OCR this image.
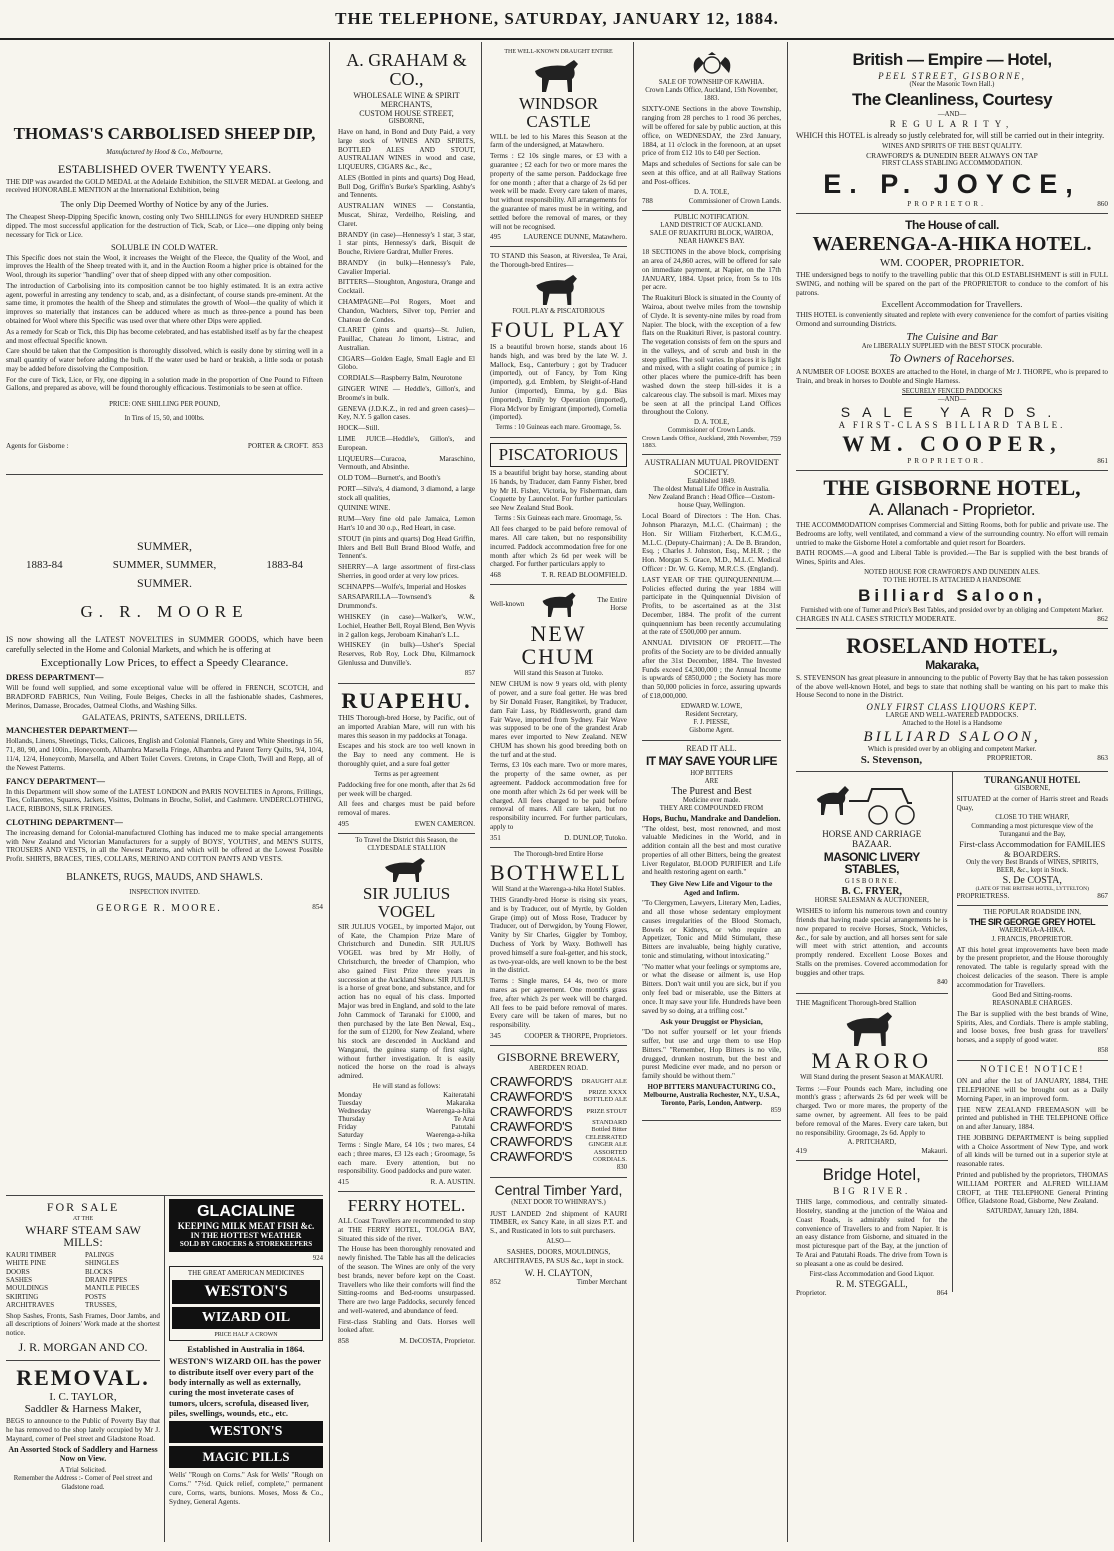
THE TELEPHONE, SATURDAY, JANUARY 12, 1884.
THOMAS'S CARBOLISED SHEEP DIP,
Manufactured by Hood & Co., Melbourne,
ESTABLISHED OVER TWENTY YEARS.

THE DIP was awarded the GOLD MEDAL at the Adelaide Exhibition, the SILVER MEDAL at Geelong, and received HONORABLE MENTION at the International Exhibition, being

The only Dip Deemed Worthy of Notice by any of the Juries.

The Cheapest Sheep-Dipping Specific known, costing only Two SHILLINGS for every HUNDRED SHEEP dipped. The most successful application for the destruction of Tick, Scab, or Lice—one dipping only being necessary for Tick or Lice.

SOLUBLE IN COLD WATER.

This Specific does not stain the Wool, it increases the Weight of the Fleece, the Quality of the Wool, and improves the Health of the Sheep treated with it, and in the Auction Room a higher price is obtained for the Wool, through its superior "handling" over that of sheep dipped with any other composition.

The introduction of Carbolising into its composition cannot be too highly estimated. It is an extra active agent, powerful in arresting any tendency to scab, and, as a disinfectant, of course stands pre-eminent. At the same time, it promotes the health of the Sheep and stimulates the growth of Wool—the quality of which it improves so materially that instances can be adduced where as much as three-pence a pound has been obtained for Wool where this Specific was used over that where other Dips were applied.

As a remedy for Scab or Tick, this Dip has become celebrated, and has established itself as by far the cheapest and most effectual Specific known.

Care should be taken that the Composition is thoroughly dissolved, which is easily done by stirring well in a small quantity of water before adding the bulk. If the water used be hard or brakish, a little soda or potash may be added before dissolving the Composition.

For the cure of Tick, Lice, or Fly, one dipping in a solution made in the proportion of One Pound to Fifteen Gallons, and prepared as above, will be found thoroughly efficacious. Testimonials to be seen at office.

PRICE: ONE SHILLING PER POUND,
In Tins of 15, 50, and 100lbs.
Agents for Gisborne :	PORTER & CROFT. 853
SUMMER,
1883-84	SUMMER, SUMMER,	1883-84
SUMMER.
G. R. MOORE

IS now showing all the LATEST NOVELTIES in SUMMER GOODS, which have been carefully selected in the Home and Colonial Markets, and which he is offering at

Exceptionally Low Prices, to effect a Speedy Clearance.
DRESS DEPARTMENT—

Will be found well supplied, and some exceptional value will be offered in FRENCH, SCOTCH, and BRADFORD FABRICS, Nun Veiling, Foule Beiges, Checks in all the fashionable shades, Cashmeres, Merinos, Damasse, Brocades, Oatmeal Cloths, and Washing Silks.

GALATEAS, PRINTS, SATEENS, DRILLETS.
MANCHESTER DEPARTMENT—

Hollands, Linens, Sheetings, Ticks, Calicoes, English and Colonial Flannels, Grey and White Sheetings in 56, 71, 80, 90, and 100in., Honeycomb, Alhambra Marsella Fringe, Alhambra and Patent Terry Quilts, 9/4, 10/4, 11/4, 12/4, Honeycomb, Marsella, and Albert Toilet Covers. Cretons, in Crape Cloth, Twill and Repp, all of the Newest Patterns.

FANCY DEPARTMENT—

In this Department will show some of the LATEST LONDON and PARIS NOVELTIES in Aprons, Frillings, Ties, Collarettes, Squares, Jackets, Visittes, Dolmans in Broche, Soliel, and Cashmere. UNDERCLOTHING, LACE, RIBBONS, SILK FRINGES.

CLOTHING DEPARTMENT—

The increasing demand for Colonial-manufactured Clothing has induced me to make special arrangements with New Zealand and Victorian Manufacturers for a supply of BOYS', YOUTHS', and MEN'S SUITS, TROUSERS AND VESTS, in all the Newest Patterns, and which will be offered at the Lowest Possible Profit. SHIRTS, BRACES, TIES, COLLARS, MERINO AND COTTON PANTS AND VESTS.

BLANKETS, RUGS, MAUDS, AND SHAWLS.
INSPECTION INVITED.
GEORGE R. MOORE.	854
FOR SALE
AT THE
WHARF STEAM SAW MILLS:
KAURI TIMBER
WHITE PINE
DOORS
SASHES
MOULDINGS
SKIRTING
ARCHITRAVES
PALINGS
SHINGLES
BLOCKS
DRAIN PIPES
MANTLE PIECES
POSTS
TRUSSES,

Shop Sashes, Fronts, Sash Frames, Door Jambs, and all descriptions of Joiners' Work made at the shortest notice.

J. R. MORGAN AND CO.
REMOVAL.
I. C. TAYLOR,
Saddler & Harness Maker,

BEGS to announce to the Public of Poverty Bay that he has removed to the shop lately occupied by Mr J. Maynard, corner of Peel street and Gladstone Road.

An Assorted Stock of Saddlery and Harness Now on View.
A Trial Solicited.
Remember the Address :- Corner of Peel street and Gladstone road.
GLACIALINE
KEEPING MILK MEAT FISH &c.
IN THE HOTTEST WEATHER
SOLD BY GROCERS & STOREKEEPERS
924
THE GREAT AMERICAN MEDICINES
WESTON'S
WIZARD OIL
PRICE HALF A CROWN
Established in Australia in 1864.

WESTON'S WIZARD OIL has the power to distribute itself over every part of the body internally as well as externally, curing the most inveterate cases of tumors, ulcers, scrofula, diseased liver, piles, swellings, wounds, etc., etc.

WESTON'S
MAGIC PILLS

Wells' "Rough on Corns." Ask for Wells' "Rough on Corns." "7½d. Quick relief, complete," permanent cure, Corns, warts, bunions. Moses, Moss & Co., Sydney, General Agents.

A. GRAHAM & CO.,
WHOLESALE WINE & SPIRIT
MERCHANTS,
CUSTOM HOUSE STREET,
GISBORNE,

Have on hand, in Bond and Duty Paid, a very large stock of WINES AND SPIRITS, BOTTLED ALES AND STOUT, AUSTRALIAN WINES in wood and case, LIQUEURS, CIGARS &c., &c.,

ALES (Bottled in pints and quarts) Dog Head, Bull Dog, Griffin's Burke's Sparkling, Ashby's and Tennents.

AUSTRALIAN WINES — Constantia, Muscat, Shiraz, Verdeilho, Reisling, and Claret.

BRANDY (in case)—Hennessy's 1 star, 3 star, 1 star pints, Hennessy's dark, Bisquit de Bouche, Riviere Gardrat, Muller Freres.

BRANDY (in bulk)—Hennessy's Pale, Cavalier Imperial.

BITTERS—Stoughton, Angostura, Orange and Cocktail.

CHAMPAGNE—Pol Rogers, Moet and Chandon, Wachters, Silver top, Perrier and Chateau de Condes.

CLARET (pints and quarts)—St. Julien, Pauillac, Chateau Jo limont, Listrac, and Australian.

CIGARS—Golden Eagle, Small Eagle and El Globo.

CORDIALS—Raspberry Balm, Neurotone

GINGER WINE — Heddle's, Gillon's, and Broome's in bulk.

GENEVA (J.D.K.Z., in red and green cases)—Key, N.Y. 5 gallon cases.

HOCK—Still.

LIME JUICE—Heddle's, Gillon's, and European.

LIQUEURS—Curacoa, Maraschino, Vermouth, and Absinthe.

OLD TOM—Burnett's, and Booth's

PORT—Silva's, 4 diamond, 3 diamond, a large stock all qualities,

QUININE WINE.

RUM—Very fine old pale Jamaica, Lemon Hart's 10 and 30 o.p., Red Heart, in case.

STOUT (in pints and quarts) Dog Head Griffin, Ihlers and Bell Bull Brand Blood Wolfe, and Tennent's.

SHERRY—A large assortment of first-class Sherries, in good order at very low prices.

SCHNAPPS—Wolfe's, Imperial and Hoskes

SARSAPARILLA—Townsend's & Drummond's.

WHISKEY (in case)—Walker's, W.W., Lochiel, Heather Bell, Royal Blend, Ben Wyvis in 2 gallon kegs, Jeroboam Kinahan's L.L.

WHISKEY (in bulk)—Usher's Special Reserves, Rob Roy, Lock Dhu, Kilmarnock Glenlussa and Dunville's.

857
RUAPEHU.

THIS Thorough-bred Horse, by Pacific, out of an imported Arabian Mare, will run with his mares this season in my paddocks at Tonaga.

Escapes and his stock are too well known in the Bay to need any comment. He is thoroughly quiet, and a sure foal getter

Terms as per agreement

Paddocking free for one month, after that 2s 6d per week will be charged.

All fees and charges must be paid before removal of mares.

495	EWEN CAMERON.
To Travel the District this Season, the CLYDESDALE STALLION
SIR JULIUS VOGEL

SIR JULIUS VOGEL, by imported Major, out of Kate, the Champion Prize Mare of Christchurch and Dunedin. SIR JULIUS VOGEL was bred by Mr Holly, of Christchurch, the breeder of Champion, who also gained First Prize three years in succession at the Auckland Show. SIR JULIUS is a horse of great bone, and substance, and for action has no equal of his class. Imported Major was bred in England, and sold to the late John Cammock of Taranaki for £1000, and then purchased by the late Ben Newal, Esq., for the sum of £1200, for New Zealand, where his stock are descended in Auckland and Wanganui, the guinea stamp of first sight, without further investigation. It is easily noticed the horse on the road is always admired.

He will stand as follows:
Monday	Kaiteratahi
Tuesday	Makaraka
Wednesday	Waerenga-a-hika
Thursday	Te Arai
Friday	Patutahi
Saturday	Waerenga-a-hika

Terms : Single Mare, £4 10s ; two mares, £4 each ; three mares, £3 12s each ; Groomage, 5s each mare. Every attention, but no responsibility. Good paddocks and pure water.

415	R. A. AUSTIN.
FERRY HOTEL.

ALL Coast Travellers are recommended to stop at THE FERRY HOTEL, TOLOGA BAY, Situated this side of the river.

The House has been thoroughly renovated and newly finished. The Table has all the delicacies of the season. The Wines are only of the very best brands, never before kept on the Coast. Travellers who like their comforts will find the Sitting-rooms and Bed-rooms unsurpassed. There are two large Paddocks, securely fenced and well-watered, and abundance of feed.

First-class Stabling and Oats. Horses well looked after.

858	M. DeCOSTA, Proprietor.
THE WELL-KNOWN DRAUGHT ENTIRE
WINDSOR CASTLE

WILL be led to his Mares this Season at the farm of the undersigned, at Matawhero.

Terms : £2 10s single mares, or £3 with a guarantee ; £2 each for two or more mares the property of the same person. Paddockage free for one month ; after that a charge of 2s 6d per week will be made. Every care taken of mares, but without responsibility. All arrangements for the guarantee of mares must be in writing, and settled before the removal of mares, or they will not be recognised.

495	LAURENCE DUNNE, Matawhero.

TO STAND this Season, at Riverslea, Te Arai, the Thorough-bred Entires—

FOUL PLAY & PISCATORIOUS
FOUL PLAY

IS a beautiful brown horse, stands about 16 hands high, and was bred by the late W. J. Mallock, Esq., Canterbury ; got by Traducer (imported), out of Fancy, by Tom King (imported), g.d. Emblem, by Sleight-of-Hand Junior (imported), Emma, by g.d. Bias (imported), Emily by Operation (imported), Flora McIvor by Emigrant (imported), Cornelia (imported).

Terms : 10 Guineas each mare. Groomage, 5s.
PISCATORIOUS

IS a beautiful bright bay horse, standing about 16 hands, by Traducer, dam Fanny Fisher, bred by Mr H. Fisher, Victoria, by Fisherman, dam Coquette by Launcelot. For further particulars see New Zealand Stud Book.

Terms : Six Guineas each mare. Groomage, 5s.

All fees charged to be paid before removal of mares. All care taken, but no responsibility incurred. Paddock accommodation free for one month after which 2s 6d per week will be charged. For further particulars apply to

468	T. R. READ BLOOMFIELD.
Well-known	The Entire
Horse
NEW CHUM
Will stand this Season at Tutoko.

NEW CHUM is now 9 years old, with plenty of power, and a sure foal getter. He was bred by Sir Donald Fraser, Rangitikei, by Traducer, dam Fair Lass, by Riddlesworth, grand dam Fair Wave, imported from Sydney. Fair Wave was supposed to be one of the grandest Arab mares ever imported to New Zealand. NEW CHUM has shown his good breeding both on the turf and at the stud.

Terms, £3 10s each mare. Two or more mares, the property of the same owner, as per agreement. Paddock accommodation free for one month after which 2s 6d per week will be charged. All fees charged to be paid before removal of mares. All care taken, but no responsibility incurred. For further particulars, apply to

351	D. DUNLOP, Tutoko.
The Thorough-bred Entire Horse
BOTHWELL
Will Stand at the Waerenga-a-hika Hotel Stables.

THIS Grandly-bred Horse is rising six years, and is by Traducer, out of Myrtle, by Golden Grape (imp) out of Moss Rose, Traducer by Traducer, out of Derwgidon, by Young Flower, Vanity by Sir Charles, Giggler by Tomboy, Duchess of York by Waxy. Bothwell has proved himself a sure foal-getter, and his stock, as two-year-olds, are well known to be the best in the district.

Terms : Single mares, £4 4s, two or more mares as per agreement. One month's grass free, after which 2s per week will be charged. All fees to be paid before removal of mares. Every care will be taken of mares, but no responsibility.

345	COOPER & THORPE, Proprietors.
GISBORNE BREWERY,
ABERDEEN ROAD.
CRAWFORD'S	DRAUGHT ALE
CRAWFORD'S	PRIZE XXXX BOTTLED ALE
CRAWFORD'S	PRIZE STOUT
CRAWFORD'S	STANDARD Bottled Bitter
CRAWFORD'S	CELEBRATED GINGER ALE
CRAWFORD'S	ASSORTED CORDIALS.
830
Central Timber Yard,
(NEXT DOOR TO WHINRAY'S.)

JUST LANDED 2nd shipment of KAURI TIMBER, ex Sancy Kate, in all sizes P.T. and S., and Rusticated in lots to suit purchasers.

ALSO—

SASHES, DOORS, MOULDINGS, ARCHITRAVES, PA SUS &c., kept in stock.

W. H. CLAYTON,
852	Timber Merchant
SALE OF TOWNSHIP OF KAWHIA.
Crown Lands Office, Auckland, 15th November, 1883.

SIXTY-ONE Sections in the above Township, ranging from 28 perches to 1 rood 36 perches, will be offered for sale by public auction, at this office, on WEDNESDAY, the 23rd January, 1884, at 11 o'clock in the forenoon, at an upset price of from £12 10s to £40 per Section.

Maps and schedules of Sections for sale can be seen at this office, and at all Railway Stations and Post-offices.

D. A. TOLE,
788	Commissioner of Crown Lands.
PUBLIC NOTIFICATION.
LAND DISTRICT OF AUCKLAND.
SALE OF RUAKITURI BLOCK, WAIROA, NEAR HAWKE'S BAY.

18 SECTIONS in the above block, comprising an area of 24,860 acres, will be offered for sale on immediate payment, at Napier, on the 17th JANUARY, 1884. Upset price, from 5s to 10s per acre.

The Ruakituri Block is situated in the County of Wairoa, about twelve miles from the township of Clyde. It is seventy-nine miles by road from Napier. The block, with the exception of a few flats on the Ruakituri River, is pastoral country. The vegetation consists of fern on the spurs and in the valleys, and of scrub and bush in the steep gullies. The soil varies. In places it is light and mixed, with a slight coating of pumice ; in other places where the pumice-drift has been washed down the steep hill-sides it is a calcareous clay. The subsoil is marl. Mixes may be seen at all the principal Land Offices throughout the Colony.

D. A. TOLE,
Commissioner of Crown Lands.
Crown Lands Office, Auckland, 28th November, 1883.
759
AUSTRALIAN MUTUAL PROVIDENT SOCIETY.
Established 1849.
The oldest Mutual Life Office in Australia.
New Zealand Branch : Head Office—Custom-house Quay, Wellington.

Local Board of Directors : The Hon. Chas. Johnson Pharazyn, M.L.C. (Chairman) ; the Hon. Sir William Fitzherbert, K.C.M.G., M.L.C. (Deputy-Chairman) ; A. De B. Brandon, Esq. ; Charles J. Johnston, Esq., M.H.R. ; the Hon. Morgan S. Grace, M.D., M.L.C. Medical Officer : Dr. W. G. Kemp, M.R.C.S. (England).

LAST YEAR OF THE QUINQUENNIUM.—Policies effected during the year 1884 will participate in the Quinquennial Division of Profits, to be ascertained as at the 31st December, 1884. The profit of the current quinquennium has been recently accumulating at the rate of £500,000 per annum.

ANNUAL DIVISION OF PROFIT.—The profits of the Society are to be divided annually after the 31st December, 1884. The Invested Funds exceed £4,300,000 ; the Annual Income is upwards of £850,000 ; the Society has more than 50,000 policies in force, assuring upwards of £18,000,000.

EDWARD W. LOWE,
Resident Secretary,
F. J. PIESSE,
Gisborne Agent.
READ IT ALL.
IT MAY SAVE YOUR LIFE
HOP BITTERS
ARE
The Purest and Best
Medicine ever made.
THEY ARE COMPOUNDED FROM
Hops, Buchu, Mandrake and Dandelion.

"The oldest, best, most renowned, and most valuable Medicines in the World, and in addition contain all the best and most curative properties of all other Bitters, being the greatest Liver Regulator, BLOOD PURIFIER and Life and health restoring agent on earth."

They Give New Life and Vigour to the Aged and Infirm.

"To Clergymen, Lawyers, Literary Men, Ladies, and all those whose sedentary employment causes irregularities of the Blood Stomach, Bowels or Kidneys, or who require an Appetizer, Tonic and Mild Stimulant, these Bitters are invaluable, being highly curative, tonic and stimulating, without intoxicating."

"No matter what your feelings or symptoms are, or what the disease or ailment is, use Hop Bitters. Don't wait until you are sick, but if you only feel bad or miserable, use the Bitters at once. It may save your life. Hundreds have been saved by so doing, at a trifling cost."

Ask your Druggist or Physician,

"Do not suffer yourself or let your friends suffer, but use and urge them to use Hop Bitters." "Remember, Hop Bitters is no vile, drugged, drunken nostrum, but the best and purest Medicine ever made, and no person or family should be without them."

HOP BITTERS MANUFACTURING CO., Melbourne, Australia Rochester, N.Y., U.S.A., Toronto, Paris, London, Antwerp.
859
British — Empire — Hotel,
PEEL STREET, GISBORNE,
(Near the Masonic Town Hall.)
The Cleanliness, Courtesy
—AND—
REGULARITY,

WHICH this HOTEL is already so justly celebrated for, will still be carried out in their integrity.

WINES AND SPIRITS OF THE BEST QUALITY.
CRAWFORD'S & DUNEDIN BEER ALWAYS ON TAP
FIRST CLASS STABLING ACCOMMODATION.
E. P. JOYCE,
PROPRIETOR.	860
The House of call.
WAERENGA-A-HIKA HOTEL.
WM. COOPER, PROPRIETOR.

THE undersigned begs to notify to the travelling public that this OLD ESTABLISHMENT is still in FULL SWING, and nothing will be spared on the part of the PROPRIETOR to conduce to the comfort of his patrons.

Excellent Accommodation for Travellers.

THIS HOTEL is conveniently situated and replete with every convenience for the comfort of parties visiting Ormond and surrounding Districts.

The Cuisine and Bar
Are LIBERALLY SUPPLIED with the BEST STOCK procurable.
To Owners of Racehorses.

A NUMBER OF LOOSE BOXES are attached to the Hotel, in charge of Mr J. THORPE, who is prepared to Train, and break in horses to Double and Single Harness.

SECURELY FENCED PADDOCKS
—AND—
SALE YARDS.
A FIRST-CLASS BILLIARD TABLE.
WM. COOPER,
PROPRIETOR.	861
THE GISBORNE HOTEL,
A. Allanach - Proprietor.

THE ACCOMMODATION comprises Commercial and Sitting Rooms, both for public and private use. The Bedrooms are lofty, well ventilated, and command a view of the surrounding country. No effort will remain untried to make the Gisborne Hotel a comfortable and quiet resort for Boarders.

BATH ROOMS.—A good and Liberal Table is provided.—The Bar is supplied with the best brands of Wines, Spirits and Ales.

NOTED HOUSE FOR CRAWFORD'S AND DUNEDIN ALES.
TO THE HOTEL IS ATTACHED A HANDSOME
Billiard Saloon,
Furnished with one of Turner and Price's Best Tables, and presided over by an obliging and Competent Marker.
CHARGES IN ALL CASES STRICTLY MODERATE.	862
ROSELAND HOTEL,
Makaraka,

S. STEVENSON has great pleasure in announcing to the public of Poverty Bay that he has taken possession of the above well-known Hotel, and begs to state that nothing shall be wanting on his part to make this House Second to none in the District.

ONLY FIRST CLASS LIQUORS KEPT.
LARGE AND WELL-WATERED PADDOCKS.
Attached to the Hotel is a Handsome
BILLIARD SALOON,
Which is presided over by an obliging and competent Marker.
S. Stevenson,	PROPRIETOR.	863
HORSE AND CARRIAGE
BAZAAR.
MASONIC LIVERY STABLES,
GISBORNE.
B. C. FRYER,
HORSE SALESMAN & AUCTIONEER,

WISHES to inform his numerous town and country friends that having made special arrangements he is now prepared to receive Horses, Stock, Vehicles, &c., for sale by auction, and all horses sent for sale will meet with strict attention, and accounts promptly rendered. Excellent Loose Boxes and Stalls on the premises. Covered accommodation for buggies and other traps.

840

THE Magnificent Thorough-bred Stallion

MARORO
Will Stand during the present Season at MAKAURI.

Terms :—Four Pounds each Mare, including one month's grass ; afterwards 2s 6d per week will be charged. Two or more mares, the property of the same owner, by agreement. All fees to be paid before removal of the Mares. Every care taken, but no responsibility. Groomage, 2s 6d. Apply to

A. PRITCHARD,
419	Makauri.
Bridge Hotel,
BIG RIVER.

THIS large, commodious, and centrally situated-Hostelry, standing at the junction of the Waioa and Coast Roads, is admirably suited for the convenience of Travellers to and from Napier. It is an easy distance from Gisborne, and situated in the most picturesque part of the Bay, at the junction of Te Arai and Patutahi Roads. The drive from Town is so pleasant a one as could be desired.

First-class Accommodation and Good Liquor.
R. M. STEGGALL,
Proprietor.	864
TURANGANUI HOTEL
GISBORNE,

SITUATED at the corner of Harris street and Reads Quay,

CLOSE TO THE WHARF,
Commanding a most picturesque view of the Turanganui and the Bay,
First-class Accommodation for FAMILIES & BOARDERS.
Only the very Best Brands of WINES, SPIRITS, BEER, &c., kept in Stock.
S. De COSTA,
(LATE OF THE BRITISH HOTEL, LYTTELTON)
PROPRIETRESS.	867
THE POPULAR ROADSIDE INN,
THE SIR GEORGE GREY HOTEL
WAERENGA-A-HIKA.
J. FRANCIS, PROPRIETOR.

AT this hotel great improvements have been made by the present proprietor, and the House thoroughly renovated. The table is regularly spread with the choicest delicacies of the season. There is ample accommodation for Travellers.

Good Bed and Sitting-rooms.
REASONABLE CHARGES.

The Bar is supplied with the best brands of Wine, Spirits, Ales, and Cordials. There is ample stabling, and loose boxes, free bush grass for travellers' horses, and a supply of good water.

858
NOTICE! NOTICE!

ON and after the 1st of JANUARY, 1884, THE TELEPHONE will be brought out as a Daily Morning Paper, in an improved form.

THE NEW ZEALAND FREEMASON will be printed and published in THE TELEPHONE Office on and after January, 1884.

THE JOBBING DEPARTMENT is being supplied with a Choice Assortment of New Type, and work of all kinds will be turned out in a superior style at reasonable rates.

Printed and published by the proprietors, THOMAS WILLIAM PORTER and ALFRED WILLIAM CROFT, at THE TELEPHONE General Printing Office, Gladstone Road, Gisborne, New Zealand.

SATURDAY, January 12th, 1884.
